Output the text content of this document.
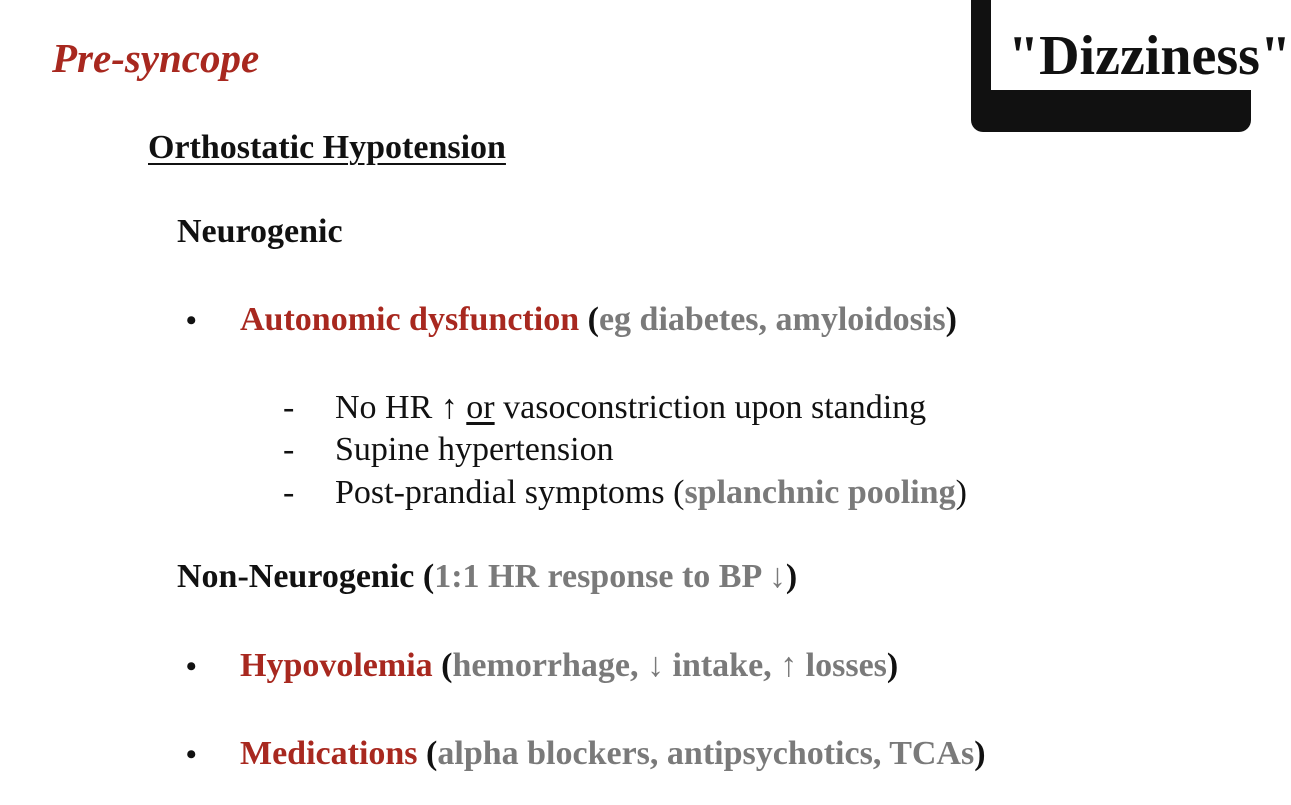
Pre-syncope	"Dizziness"
Orthostatic Hypotension
Neurogenic
• Autonomic dysfunction (eg diabetes, amyloidosis)
- No HR ↑ or vasoconstriction upon standing
- Supine hypertension
- Post-prandial symptoms (splanchnic pooling)
Non-Neurogenic (1:1 HR response to BP ↓)
• Hypovolemia (hemorrhage, ↓ intake, ↑ losses)
• Medications (alpha blockers, antipsychotics, TCAs)
